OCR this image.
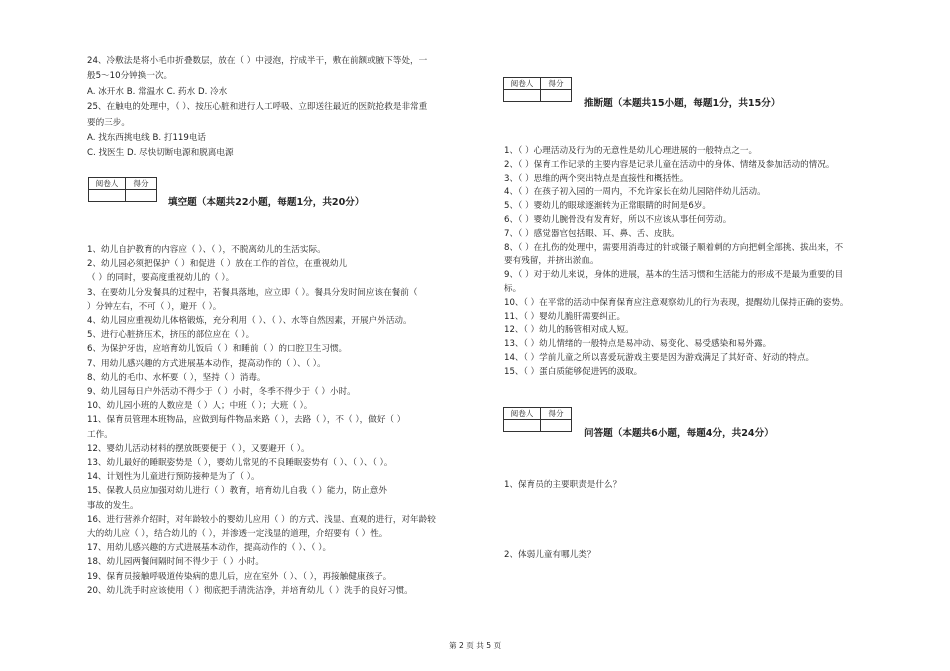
24、冷敷法是将小毛巾折叠数层，放在（ ）中浸泡，拧成半干，敷在前额或腋下等处，一
般5～10分钟换一次。
A. 冰开水 B. 常温水 C. 药水 D. 冷水
25、在触电的处理中，（ ）、按压心脏和进行人工呼吸、立即送往最近的医院抢救是非常重
要的三步。
A. 找东西挑电线 B. 打119电话
C. 找医生 D. 尽快切断电源和脱离电源
阅卷人	得分

填空题（本题共22小题，每题1分，共20分）
1、幼儿自护教育的内容应（ ）、（ ），不脱离幼儿的生活实际。
2、幼儿园必须把保护（ ）和促进（ ）放在工作的首位，在重视幼儿
（ ）的同时，要高度重视幼儿的（ ）。
3、在要幼儿分发餐具的过程中，若餐具落地，应立即（ ）。餐具分发时间应该在餐前（
）分钟左右，不可（ ），避开（ ）。
4、幼儿园应重视幼儿体格锻炼，充分利用（ ）、（ ）、水等自然因素，开展户外活动。
5、进行心脏挤压术，挤压的部位应在（ ）。
6、为保护牙齿，应培育幼儿饭后（ ）和睡前（ ）的口腔卫生习惯。
7、用幼儿感兴趣的方式进展基本动作，提高动作的（ ）、（ ）。
8、幼儿的毛巾、水杯要（ ），坚持（ ）消毒。
9、幼儿园每日户外活动不得少于（ ）小时，冬季不得少于（ ）小时。
10、幼儿园小班的人数应是（ ）人；中班（ ）；大班（ ）。
11、保育员管理本班物品，应做到每件物品来路（ ），去路（ ），不（ ），做好（ ）
工作。
12、婴幼儿活动材料的摆放既要便于（ ），又要避开（ ）。
13、幼儿最好的睡眠姿势是（ ），婴幼儿常见的不良睡眠姿势有（ ）、（ ）、（ ）。
14、计划性为儿童进行预防接种是为了（ ）。
15、保教人员应加强对幼儿进行（ ）教育，培育幼儿自我（ ）能力，防止意外
事故的发生。
16、进行营养介绍时，对年龄较小的婴幼儿应用（ ）的方式、浅显、直观的进行，对年龄较
大的幼儿应（ ），结合幼儿的（ ），并渗透一定浅显的道理，介绍要有（ ）性。
17、用幼儿感兴趣的方式进展基本动作，提高动作的（ ）、（ ）。
18、幼儿园两餐间隔时间不得少于（ ）小时。
19、保育员接触呼吸道传染病的患儿后，应在室外（ ）、（ ），再接触健康孩子。
20、幼儿洗手时应该使用（ ）彻底把手清洗洁净，并培育幼儿（ ）洗手的良好习惯。
阅卷人	得分

推断题（本题共15小题，每题1分，共15分）
1、（ ）心理活动及行为的无意性是幼儿心理进展的一般特点之一。
2、（ ）保育工作记录的主要内容是记录儿童在活动中的身体、情绪及参加活动的情况。
3、（ ）思维的两个突出特点是直接性和概括性。
4、（ ）在孩子初入园的一周内，不允许家长在幼儿园陪伴幼儿活动。
5、（ ）婴幼儿的眼球逐渐转为正常眼睛的时间是6岁。
6、（ ）婴幼儿腕骨没有发育好，所以不应该从事任何劳动。
7、（ ）感觉器官包括眼、耳、鼻、舌、皮肤。
8、（ ）在扎伤的处理中，需要用消毒过的针或镊子顺着刺的方向把刺全部挑、拔出来，不
要有残留，并挤出淤血。
9、（ ）对于幼儿来说，身体的进展，基本的生活习惯和生活能力的形成不是最为重要的目
标。
10、（ ）在平常的活动中保育保育应注意观察幼儿的行为表现，提醒幼儿保持正确的姿势。
11、（ ）婴幼儿脆肝需要纠正。
12、（ ）幼儿的肠管相对成人短。
13、（ ）幼儿情绪的一般特点是易冲动、易变化、易受感染和易外露。
14、（ ）学前儿童之所以喜爱玩游戏主要是因为游戏满足了其好奇、好动的特点。
15、（ ）蛋白质能够促进钙的汲取。
阅卷人	得分

问答题（本题共6小题，每题4分，共24分）
1、保育员的主要职责是什么？
2、体弱儿童有哪儿类？
第 2 页 共 5 页
